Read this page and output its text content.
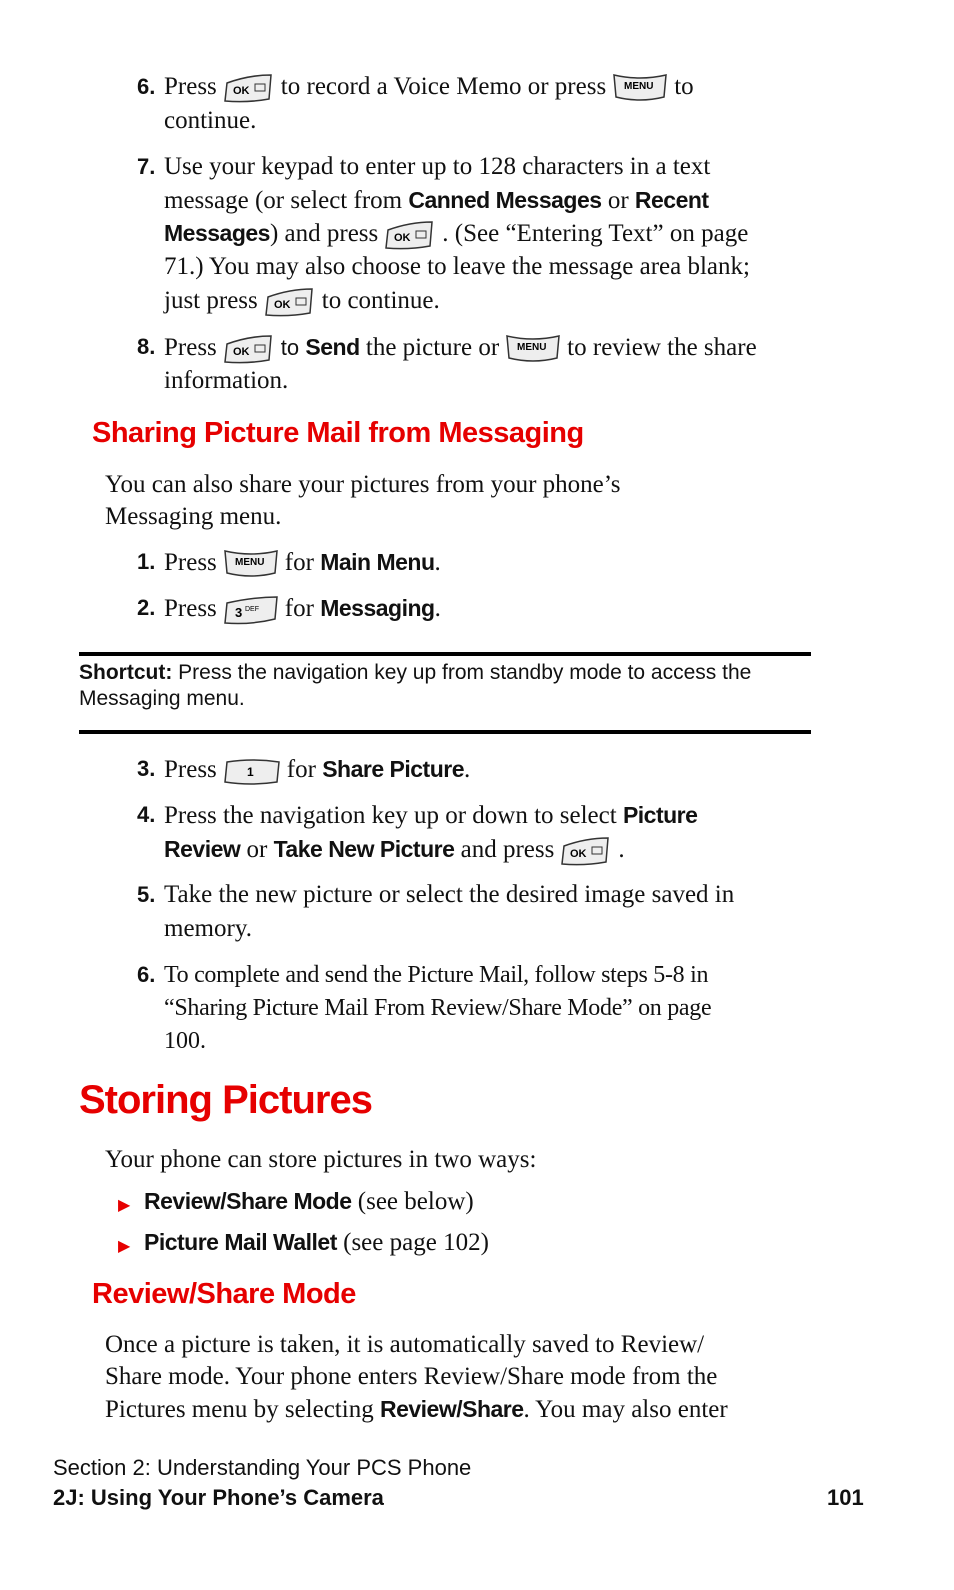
6. Press OK to record a Voice Memo or press MENU to
continue.
7. Use your keypad to enter up to 128 characters in a text
message (or select from Canned Messages or Recent
Messages) and press OK . (See “Entering Text” on page
71.) You may also choose to leave the message area blank;
just press OK to continue.
8. Press OK to Send the picture or MENU to review the share
information.
Sharing Picture Mail from Messaging
You can also share your pictures from your phone’s
Messaging menu.
1. Press MENU for Main Menu.
2. Press 3 DEF for Messaging.
Shortcut: Press the navigation key up from standby mode to access the
Messaging menu.
3. Press	1 for Share Picture.
4. Press the navigation key up or down to select Picture
Review or Take New Picture and press OK .
5. Take the new picture or select the desired image saved in
memory.
6. To complete and send the Picture Mail, follow steps 5-8 in
“Sharing Picture Mail From Review/Share Mode” on page
100.
Storing Pictures
Your phone can store pictures in two ways:
▶ Review/Share Mode (see below)
▶ Picture Mail Wallet (see page 102)
Review/Share Mode
Once a picture is taken, it is automatically saved to Review/
Share mode. Your phone enters Review/Share mode from the
Pictures menu by selecting Review/Share. You may also enter
Section 2: Understanding Your PCS Phone
2J: Using Your Phone’s Camera	101
